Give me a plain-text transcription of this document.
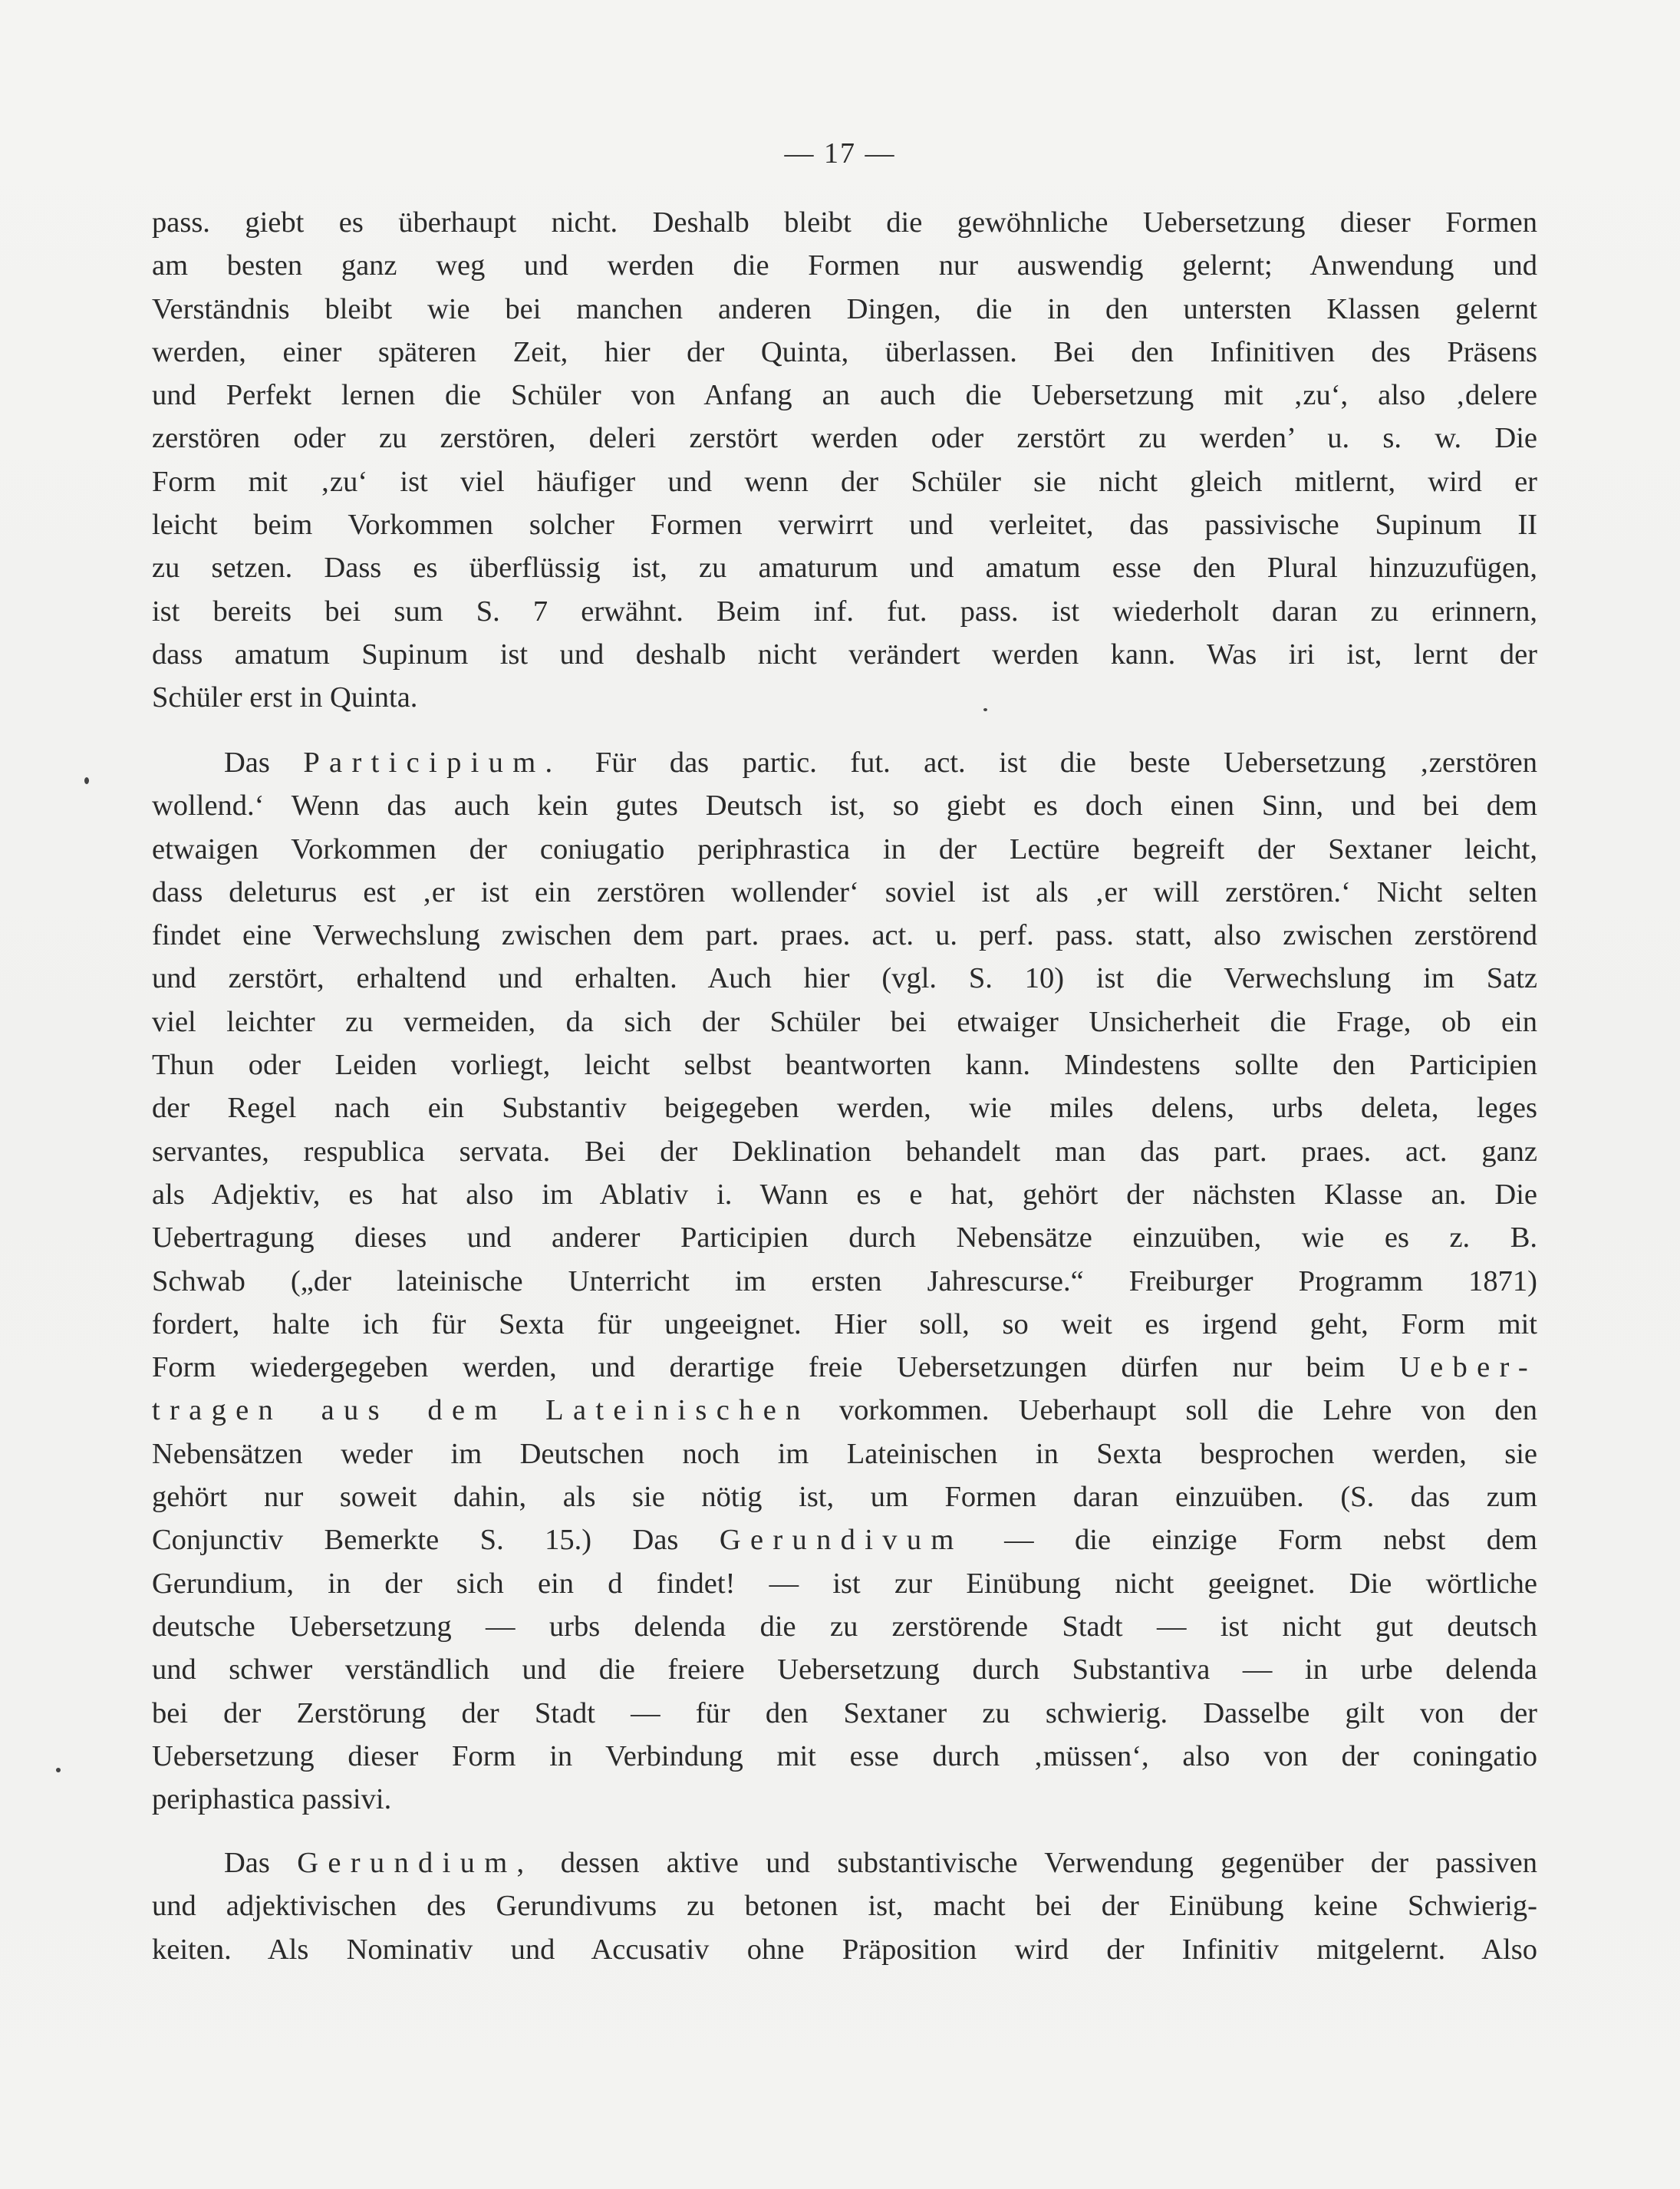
— 17 —
pass. giebt es überhaupt nicht. Deshalb bleibt die gewöhnliche Uebersetzung dieser Formen
am besten ganz weg und werden die Formen nur auswendig gelernt; Anwendung und
Verständnis bleibt wie bei manchen anderen Dingen, die in den untersten Klassen gelernt
werden, einer späteren Zeit, hier der Quinta, überlassen. Bei den Infinitiven des Präsens
und Perfekt lernen die Schüler von Anfang an auch die Uebersetzung mit ‚zu‘, also ‚delere
zerstören oder zu zerstören, deleri zerstört werden oder zerstört zu werden’ u. s. w. Die
Form mit ‚zu‘ ist viel häufiger und wenn der Schüler sie nicht gleich mitlernt, wird er
leicht beim Vorkommen solcher Formen verwirrt und verleitet, das passivische Supinum II
zu setzen. Dass es überflüssig ist, zu amaturum und amatum esse den Plural hinzuzufügen,
ist bereits bei sum S. 7 erwähnt. Beim inf. fut. pass. ist wiederholt daran zu erinnern,
dass amatum Supinum ist und deshalb nicht verändert werden kann. Was iri ist, lernt der
Schüler erst in Quinta.
Das Participium. Für das partic. fut. act. ist die beste Uebersetzung ‚zerstören
wollend.‘ Wenn das auch kein gutes Deutsch ist, so giebt es doch einen Sinn, und bei dem
etwaigen Vorkommen der coniugatio periphrastica in der Lectüre begreift der Sextaner leicht,
dass deleturus est ‚er ist ein zerstören wollender‘ soviel ist als ‚er will zerstören.‘ Nicht selten
findet eine Verwechslung zwischen dem part. praes. act. u. perf. pass. statt, also zwischen zerstörend
und zerstört, erhaltend und erhalten. Auch hier (vgl. S. 10) ist die Verwechslung im Satz
viel leichter zu vermeiden, da sich der Schüler bei etwaiger Unsicherheit die Frage, ob ein
Thun oder Leiden vorliegt, leicht selbst beantworten kann. Mindestens sollte den Participien
der Regel nach ein Substantiv beigegeben werden, wie miles delens, urbs deleta, leges
servantes, respublica servata. Bei der Deklination behandelt man das part. praes. act. ganz
als Adjektiv, es hat also im Ablativ i. Wann es e hat, gehört der nächsten Klasse an. Die
Uebertragung dieses und anderer Participien durch Nebensätze einzuüben, wie es z. B.
Schwab („der lateinische Unterricht im ersten Jahrescurse.“ Freiburger Programm 1871)
fordert, halte ich für Sexta für ungeeignet. Hier soll, so weit es irgend geht, Form mit
Form wiedergegeben werden, und derartige freie Uebersetzungen dürfen nur beim Ueber-
tragen aus dem Lateinischen vorkommen. Ueberhaupt soll die Lehre von den
Nebensätzen weder im Deutschen noch im Lateinischen in Sexta besprochen werden, sie
gehört nur soweit dahin, als sie nötig ist, um Formen daran einzuüben. (S. das zum
Conjunctiv Bemerkte S. 15.) Das Gerundivum — die einzige Form nebst dem
Gerundium, in der sich ein d findet! — ist zur Einübung nicht geeignet. Die wörtliche
deutsche Uebersetzung — urbs delenda die zu zerstörende Stadt — ist nicht gut deutsch
und schwer verständlich und die freiere Uebersetzung durch Substantiva — in urbe delenda
bei der Zerstörung der Stadt — für den Sextaner zu schwierig. Dasselbe gilt von der
Uebersetzung dieser Form in Verbindung mit esse durch ‚müssen‘, also von der coningatio
periphastica passivi.
Das Gerundium, dessen aktive und substantivische Verwendung gegenüber der passiven
und adjektivischen des Gerundivums zu betonen ist, macht bei der Einübung keine Schwierig-
keiten. Als Nominativ und Accusativ ohne Präposition wird der Infinitiv mitgelernt. Also
